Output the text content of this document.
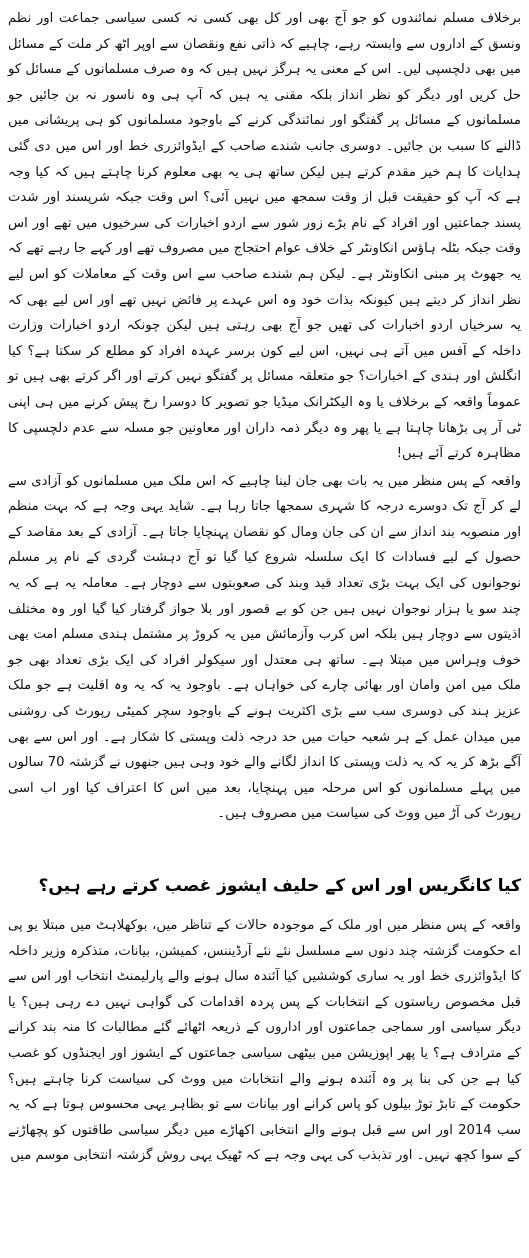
برخلاف مسلم نمائندوں کو جو آج بھی اور کل بھی کسی نہ کسی سیاسی جماعت اور نظم ونسق کے اداروں سے وابستہ رہے، چاہیے کہ ذاتی نفع ونقصان سے اوپر اٹھ کر ملت کے مسائل میں بھی دلچسپی لیں۔ اس کے معنی یہ ہرگز نہیں ہیں کہ وہ صرف مسلمانوں کے مسائل کو حل کریں اور دیگر کو نظر انداز بلکہ مقنی یہ ہیں کہ آپ ہی وہ ناسور نہ بن جائیں جو مسلمانوں کے مسائل پر گفتگو اور نمائندگی کرنے کے باوجود مسلمانوں کو ہی پریشانی میں ڈالنے کا سبب بن جائیں۔ دوسری جانب شندے صاحب کے ایڈوائزری خط اور اس میں دی گئی ہدایات کا ہم خیر مقدم کرتے ہیں لیکن ساتھ ہی یہ بھی معلوم کرنا چاہتے ہیں کہ کیا وجہ ہے کہ آپ کو حقیقت قبل از وقت سمجھ میں نہیں آئی؟ اس وقت جبکہ شرپسند اور شدت پسند جماعتیں اور افراد کے نام بڑے زور شور سے اردو اخبارات کی سرخیوں میں تھے اور اس وقت جبکہ بٹلہ ہاؤس انکاونٹر کے خلاف عوام احتجاج میں مصروف تھے اور کہے جا رہے تھے کہ یہ جھوٹ پر مبنی انکاونٹر ہے۔ لیکن ہم شندے صاحب سے اس وقت کے معاملات کو اس لیے نظر انداز کر دیتے ہیں کیونکہ بذات خود وہ اس عہدے پر فائض نہیں تھے اور اس لیے بھی کہ یہ سرخیاں اردو اخبارات کی تھیں جو آج بھی رہتی ہیں لیکن چونکہ اردو اخبارات وزارت داخلہ کے آفس میں آتے ہی نہیں، اس لیے کون برسر عہدہ افراد کو مطلع کر سکتا ہے؟ کیا انگلش اور ہندی کے اخبارات؟ جو متعلقہ مسائل پر گفتگو نہیں کرتے اور اگر کرتے بھی ہیں تو عموماً واقعہ کے برخلاف یا وہ الیکٹرانک میڈیا جو تصویر کا دوسرا رخ پیش کرنے میں ہی اپنی ٹی آر پی بڑھانا چاہتا ہے یا پھر وہ دیگر ذمہ داران اور معاونین جو مسلہ سے عدم دلچسپی کا مظاہرہ کرتے آئے ہیں!

واقعہ کے پس منظر میں یہ بات بھی جان لینا چاہیے کہ اس ملک میں مسلمانوں کو آزادی سے لے کر آج تک دوسرے درجہ کا شہری سمجھا جاتا رہا ہے۔ شاید یہی وجہ ہے کہ بہت منظم اور منصوبہ بند انداز سے ان کی جان ومال کو نقصان پہنچایا جاتا ہے۔ آزادی کے بعد مقاصد کے حصول کے لیے فسادات کا ایک سلسلہ شروع کیا گیا تو آج دہشت گردی کے نام پر مسلم نوجوانوں کی ایک بہت بڑی تعداد قید وبند کی صعوبتوں سے دوچار ہے۔ معاملہ یہ ہے کہ یہ چند سو یا ہزار نوجوان نہیں ہیں جن کو بے قصور اور بلا جواز گرفتار کیا گیا اور وہ مختلف اذیتوں سے دوچار ہیں بلکہ اس کرب وآزمائش میں یہ کروڑ پر مشتمل ہندی مسلم امت بھی خوف وہراس میں مبتلا ہے۔ ساتھ ہی معتدل اور سیکولر افراد کی ایک بڑی تعداد بھی جو ملک میں امن وامان اور بھائی چارے کی خواہاں ہے۔ باوجود یہ کہ یہ وہ اقلیت ہے جو ملک عزیز ہند کی دوسری سب سے بڑی اکثریت ہونے کے باوجود سچر کمیٹی رپورٹ کی روشنی میں میدان عمل کے ہر شعبہ حیات میں حد درجہ ذلت وپستی کا شکار ہے۔ اور اس سے بھی آگے بڑھ کر یہ کہ یہ ذلت وپستی کا انداز لگانے والے خود وہی ہیں جنھوں نے گزشتہ 70 سالوں میں پہلے مسلمانوں کو اس مرحلہ میں پہنچایا، بعد میں اس کا اعتراف کیا اور اب اسی رپورٹ کی آڑ میں ووٹ کی سیاست میں مصروف ہیں۔

کیا کانگریس اور اس کے حلیف ایشوز غصب کرتے رہے ہیں؟

واقعہ کے پس منظر میں اور ملک کے موجودہ حالات کے تناظر میں، بوکھلاہٹ میں مبتلا یو پی اے حکومت گزشتہ چند دنوں سے مسلسل نئے نئے آرڈیننس، کمیشن، بیانات، متذکرہ وزیر داخلہ کا ایڈوائزری خط اور یہ ساری کوششیں کیا آئندہ سال ہونے والے پارلیمنٹ انتخاب اور اس سے قبل مخصوص ریاستوں کے انتخابات کے پس پردہ اقدامات کی گواہی نہیں دے رہی ہیں؟ یا دیگر سیاسی اور سماجی جماعتوں اور اداروں کے ذریعہ اٹھائے گئے مطالبات کا منہ بند کرانے کے مترادف ہے؟ یا پھر اپوزیشن میں بیٹھی سیاسی جماعتوں کے ایشوز اور ایجنڈوں کو غصب کیا ہے جن کی بنا پر وہ آئندہ ہونے والے انتخابات میں ووٹ کی سیاست کرنا چاہتے ہیں؟ حکومت کے تابڑ توڑ بیلوں کو پاس کرانے اور بیانات سے تو بظاہر یہی محسوس ہوتا ہے کہ یہ سب 2014 اور اس سے قبل ہونے والے انتخابی اکھاڑے میں دیگر سیاسی طاقتوں کو پچھاڑنے کے سوا کچھ نہیں۔ اور تذبذب کی یہی وجہ ہے کہ ٹھیک یہی روش گزشتہ انتخابی موسم میں
